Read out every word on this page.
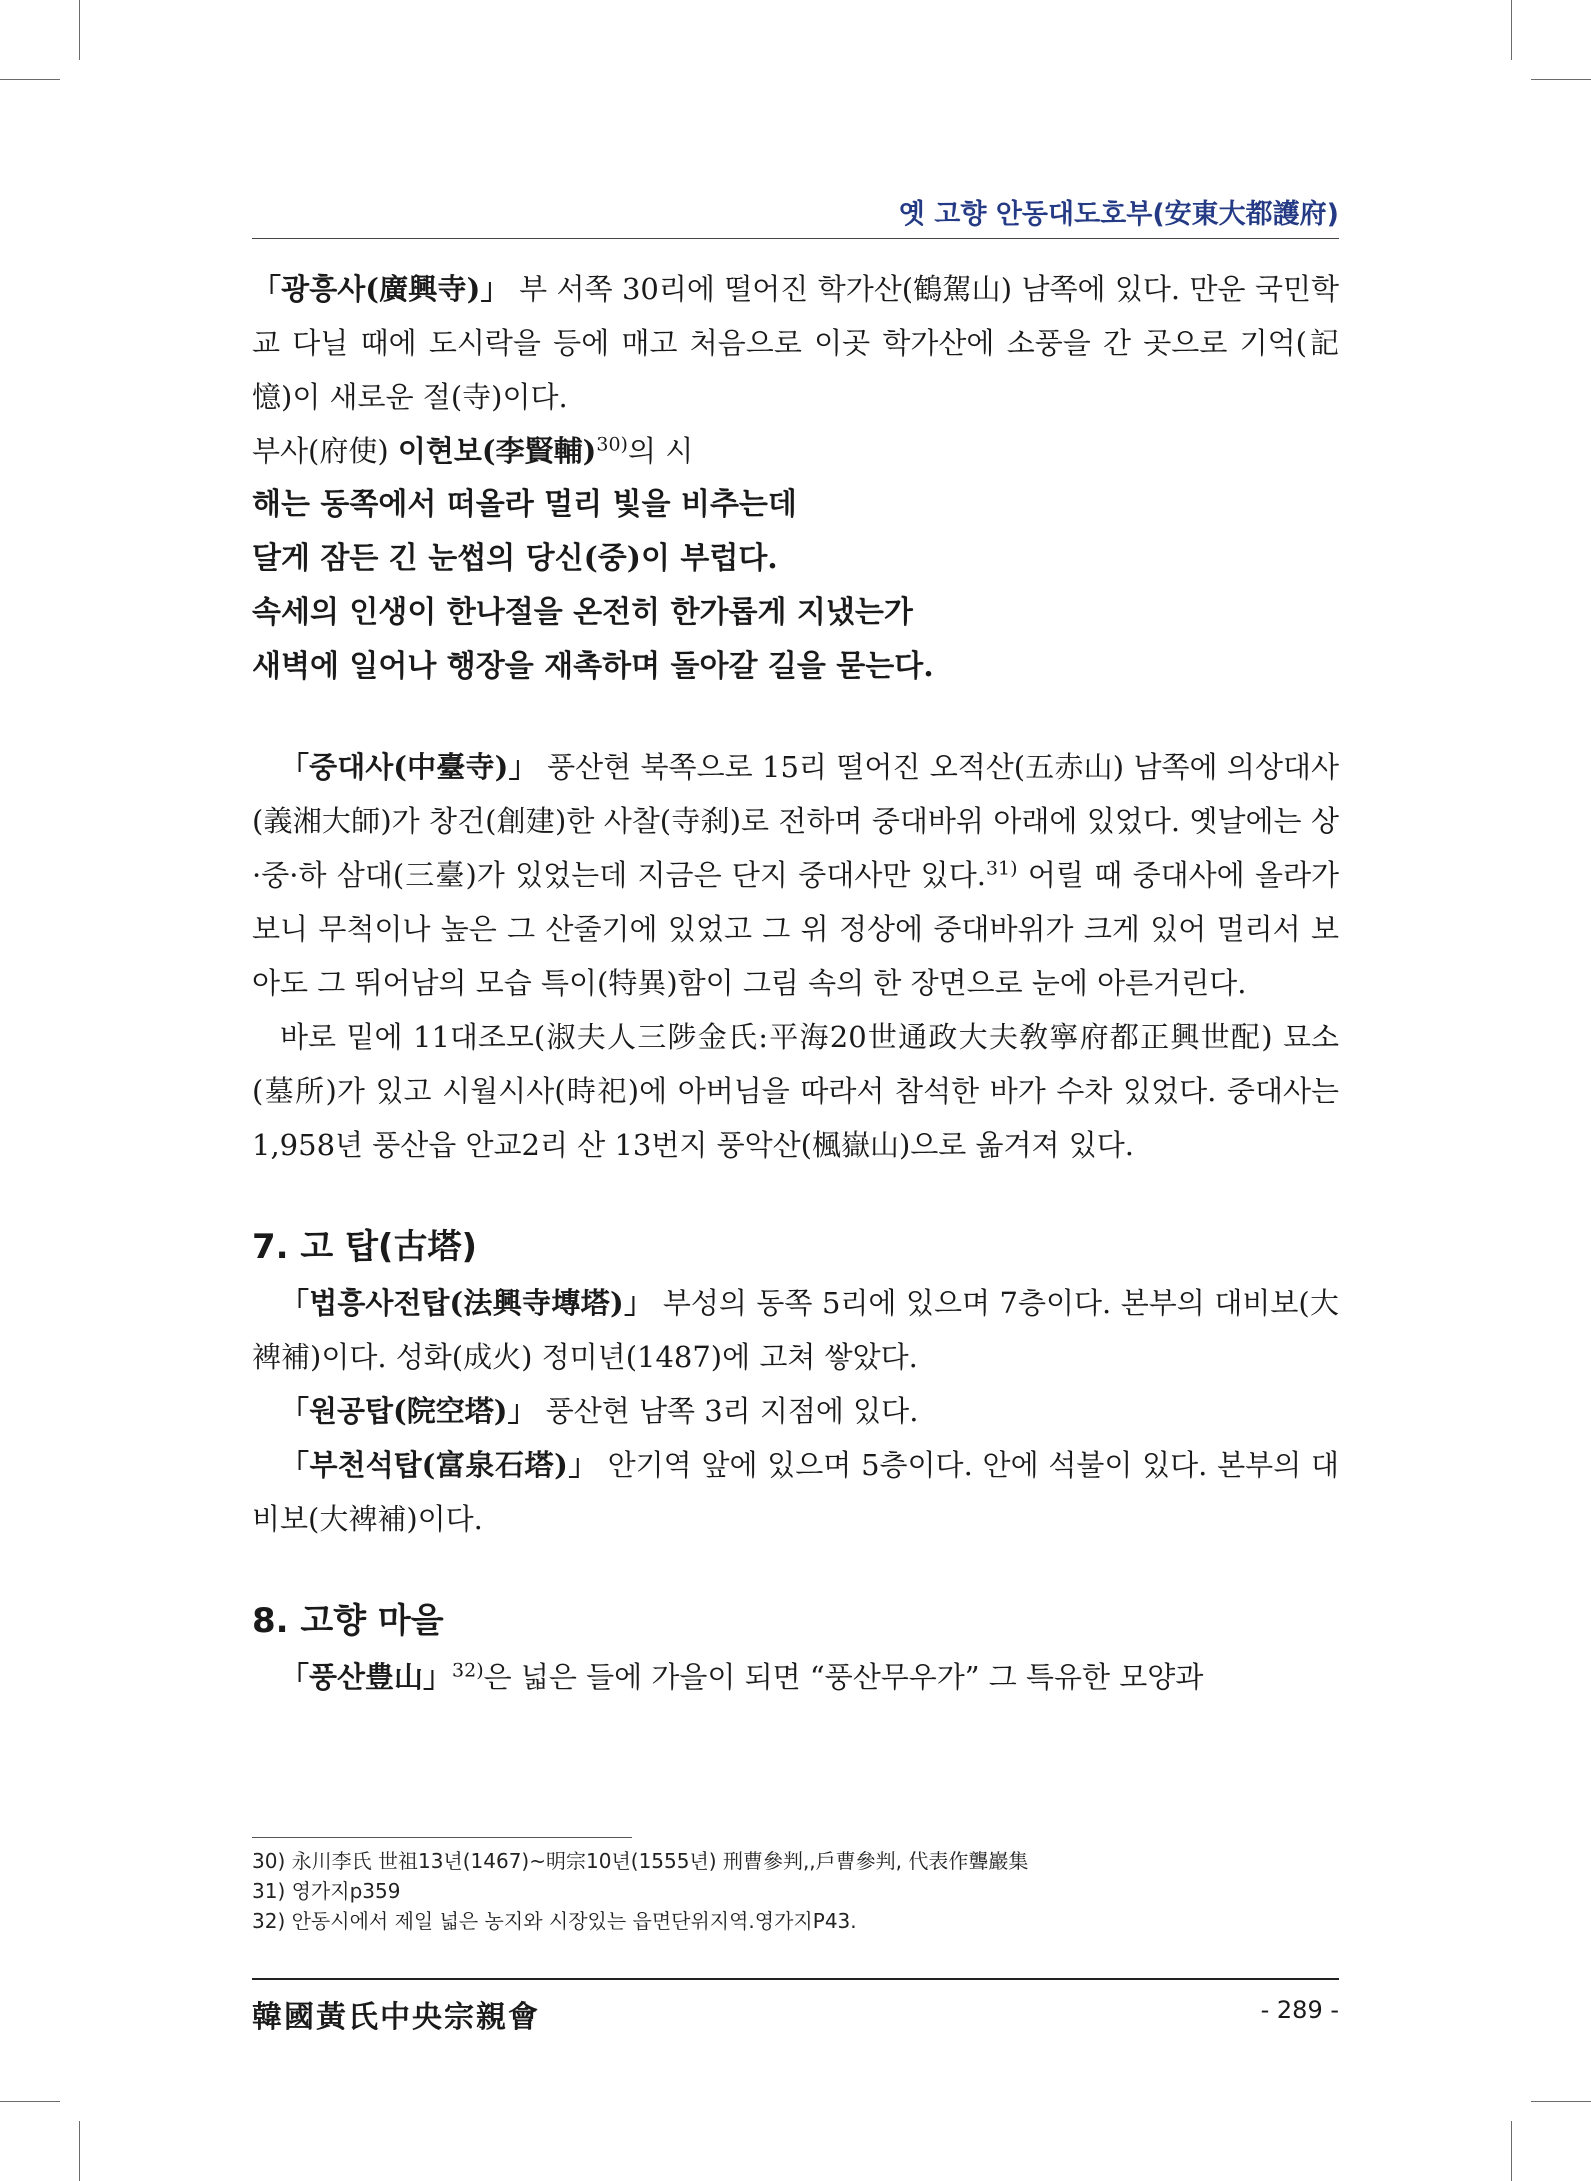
옛 고향 안동대도호부(安東大都護府)

「광흥사(廣興寺)」 부 서쪽 30리에 떨어진 학가산(鶴駕山) 남쪽에 있다. 만운 국민학교 다닐 때에 도시락을 등에 매고 처음으로 이곳 학가산에 소풍을 간 곳으로 기억(記憶)이 새로운 절(寺)이다.

부사(府使) 이현보(李賢輔)$^{30)}$의 시

해는 동쪽에서 떠올라 멀리 빛을 비추는데

달게 잠든 긴 눈썹의 당신(중)이 부럽다.

속세의 인생이 한나절을 온전히 한가롭게 지냈는가

새벽에 일어나 행장을 재촉하며 돌아갈 길을 묻는다.

「중대사(中臺寺)」 풍산현 북쪽으로 15리 떨어진 오적산(五赤山) 남쪽에 의상대사(義湘大師)가 창건(創建)한 사찰(寺刹)로 전하며 중대바위 아래에 있었다. 옛날에는 상·중·하 삼대(三臺)가 있었는데 지금은 단지 중대사만 있다.$^{31)}$ 어릴 때 중대사에 올라가 보니 무척이나 높은 그 산줄기에 있었고 그 위 정상에 중대바위가 크게 있어 멀리서 보아도 그 뛰어남의 모습 특이(特異)함이 그림 속의 한 장면으로 눈에 아른거린다.

바로 밑에 11대조모(淑夫人三陟金氏:平海20世通政大夫敎寧府都正興世配) 묘소(墓所)가 있고 시월시사(時祀)에 아버님을 따라서 참석한 바가 수차 있었다. 중대사는 1,958년 풍산읍 안교2리 산 13번지 풍악산(楓嶽山)으로 옮겨져 있다.

7. 고 탑(古塔)

「법흥사전탑(法興寺塼塔)」 부성의 동쪽 5리에 있으며 7층이다. 본부의 대비보(大裨補)이다. 성화(成火) 정미년(1487)에 고쳐 쌓았다.

「원공탑(院空塔)」 풍산현 남쪽 3리 지점에 있다.

「부천석탑(富泉石塔)」 안기역 앞에 있으며 5층이다. 안에 석불이 있다. 본부의 대비보(大裨補)이다.

8. 고향 마을

「풍산豊山」$^{32)}$은 넓은 들에 가을이 되면 “풍산무우가” 그 특유한 모양과

30) 永川李氏 世祖13년(1467)~明宗10년(1555년) 刑曹參判,,戶曹參判, 代表作聾巖集
31) 영가지p359
32) 안동시에서 제일 넓은 농지와 시장있는 읍면단위지역.영가지P43.
韓國黃氏中央宗親會	- 289 -
